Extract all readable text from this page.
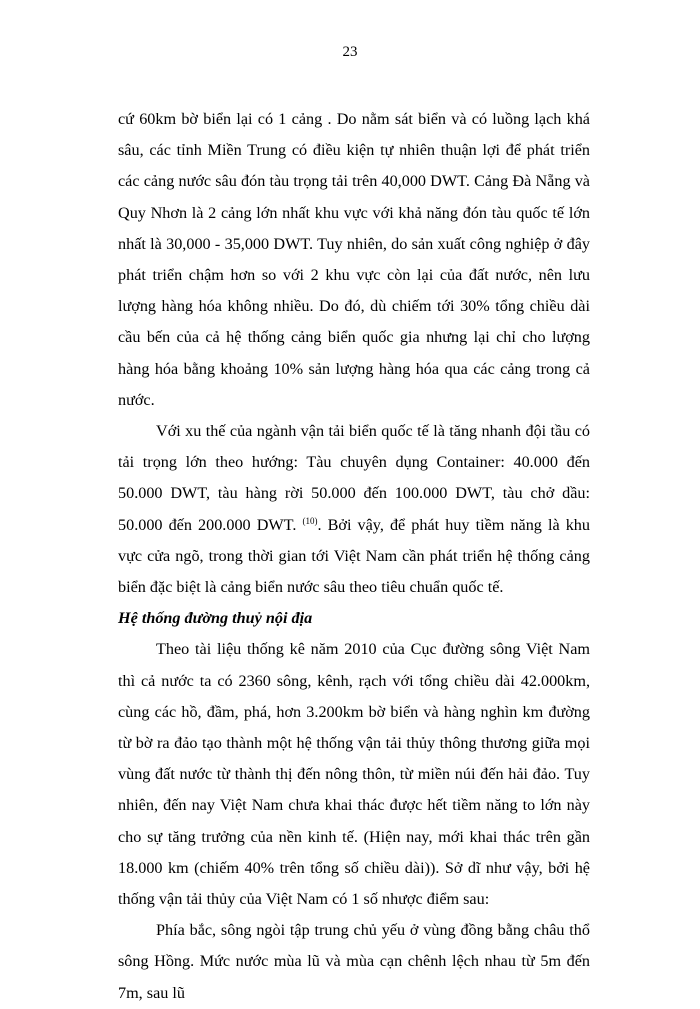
23

cứ 60km bờ biển lại có 1 cảng . Do nằm sát biển và có luồng lạch khá sâu, các tỉnh Miền Trung có điều kiện tự nhiên thuận lợi để phát triển các cảng nước sâu đón tàu trọng tải trên 40,000 DWT. Cảng Đà Nẵng và Quy Nhơn là 2 cảng lớn nhất khu vực với khả năng đón tàu quốc tế lớn nhất là 30,000 - 35,000 DWT. Tuy nhiên, do sản xuất công nghiệp ở đây phát triển chậm hơn so với 2 khu vực còn lại của đất nước, nên lưu lượng hàng hóa không nhiều. Do đó, dù chiếm tới 30% tổng chiều dài cầu bến của cả hệ thống cảng biển quốc gia nhưng lại chỉ cho lượng hàng hóa bằng khoảng 10% sản lượng hàng hóa qua các cảng trong cả nước.

Với xu thế của ngành vận tải biển quốc tế là tăng nhanh đội tầu có tải trọng lớn theo hướng: Tàu chuyên dụng Container: 40.000 đến 50.000 DWT, tàu hàng rời 50.000 đến 100.000 DWT, tàu chở dầu: 50.000 đến 200.000 DWT. $^{(10)}$. Bởi vậy, để phát huy tiềm năng là khu vực cửa ngõ, trong thời gian tới Việt Nam cần phát triển hệ thống cảng biển đặc biệt là cảng biển nước sâu theo tiêu chuẩn quốc tế.

Hệ thống đường thuỷ nội địa

Theo tài liệu thống kê năm 2010 của Cục đường sông Việt Nam thì cả nước ta có 2360 sông, kênh, rạch với tổng chiều dài 42.000km, cùng các hồ, đầm, phá, hơn 3.200km bờ biển và hàng nghìn km đường từ bờ ra đảo tạo thành một hệ thống vận tải thủy thông thương giữa mọi vùng đất nước từ thành thị đến nông thôn, từ miền núi đến hải đảo. Tuy nhiên, đến nay Việt Nam chưa khai thác được hết tiềm năng to lớn này cho sự tăng trưởng của nền kinh tế. (Hiện nay, mới khai thác trên gần 18.000 km (chiếm 40% trên tổng số chiều dài)). Sở dĩ như vậy, bởi hệ thống vận tải thủy của Việt Nam có 1 số nhược điểm sau:

Phía bắc, sông ngòi tập trung chủ yếu ở vùng đồng bằng châu thổ sông Hồng. Mức nước mùa lũ và mùa cạn chênh lệch nhau từ 5m đến 7m, sau lũ
